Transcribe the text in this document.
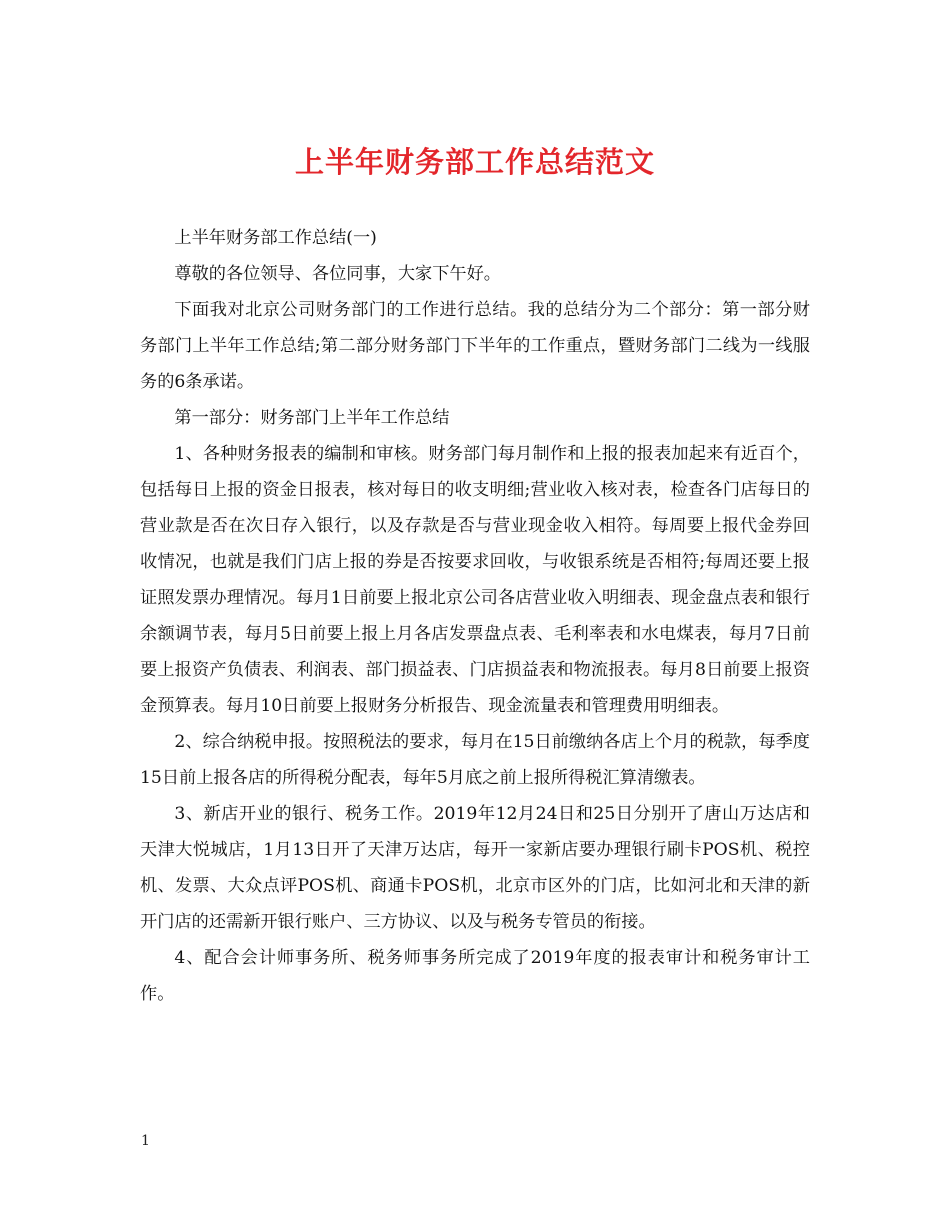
上半年财务部工作总结范文

上半年财务部工作总结(一)

尊敬的各位领导、各位同事，大家下午好。

下面我对北京公司财务部门的工作进行总结。我的总结分为二个部分：第一部分财务部门上半年工作总结;第二部分财务部门下半年的工作重点，暨财务部门二线为一线服务的6条承诺。

第一部分：财务部门上半年工作总结

1、各种财务报表的编制和审核。财务部门每月制作和上报的报表加起来有近百个，包括每日上报的资金日报表，核对每日的收支明细;营业收入核对表，检查各门店每日的营业款是否在次日存入银行，以及存款是否与营业现金收入相符。每周要上报代金券回收情况，也就是我们门店上报的券是否按要求回收，与收银系统是否相符;每周还要上报证照发票办理情况。每月1日前要上报北京公司各店营业收入明细表、现金盘点表和银行余额调节表，每月5日前要上报上月各店发票盘点表、毛利率表和水电煤表，每月7日前要上报资产负债表、利润表、部门损益表、门店损益表和物流报表。每月8日前要上报资金预算表。每月10日前要上报财务分析报告、现金流量表和管理费用明细表。

2、综合纳税申报。按照税法的要求，每月在15日前缴纳各店上个月的税款，每季度15日前上报各店的所得税分配表，每年5月底之前上报所得税汇算清缴表。

3、新店开业的银行、税务工作。2019年12月24日和25日分别开了唐山万达店和天津大悦城店，1月13日开了天津万达店，每开一家新店要办理银行刷卡POS机、税控机、发票、大众点评POS机、商通卡POS机，北京市区外的门店，比如河北和天津的新开门店的还需新开银行账户、三方协议、以及与税务专管员的衔接。

4、配合会计师事务所、税务师事务所完成了2019年度的报表审计和税务审计工作。

1
